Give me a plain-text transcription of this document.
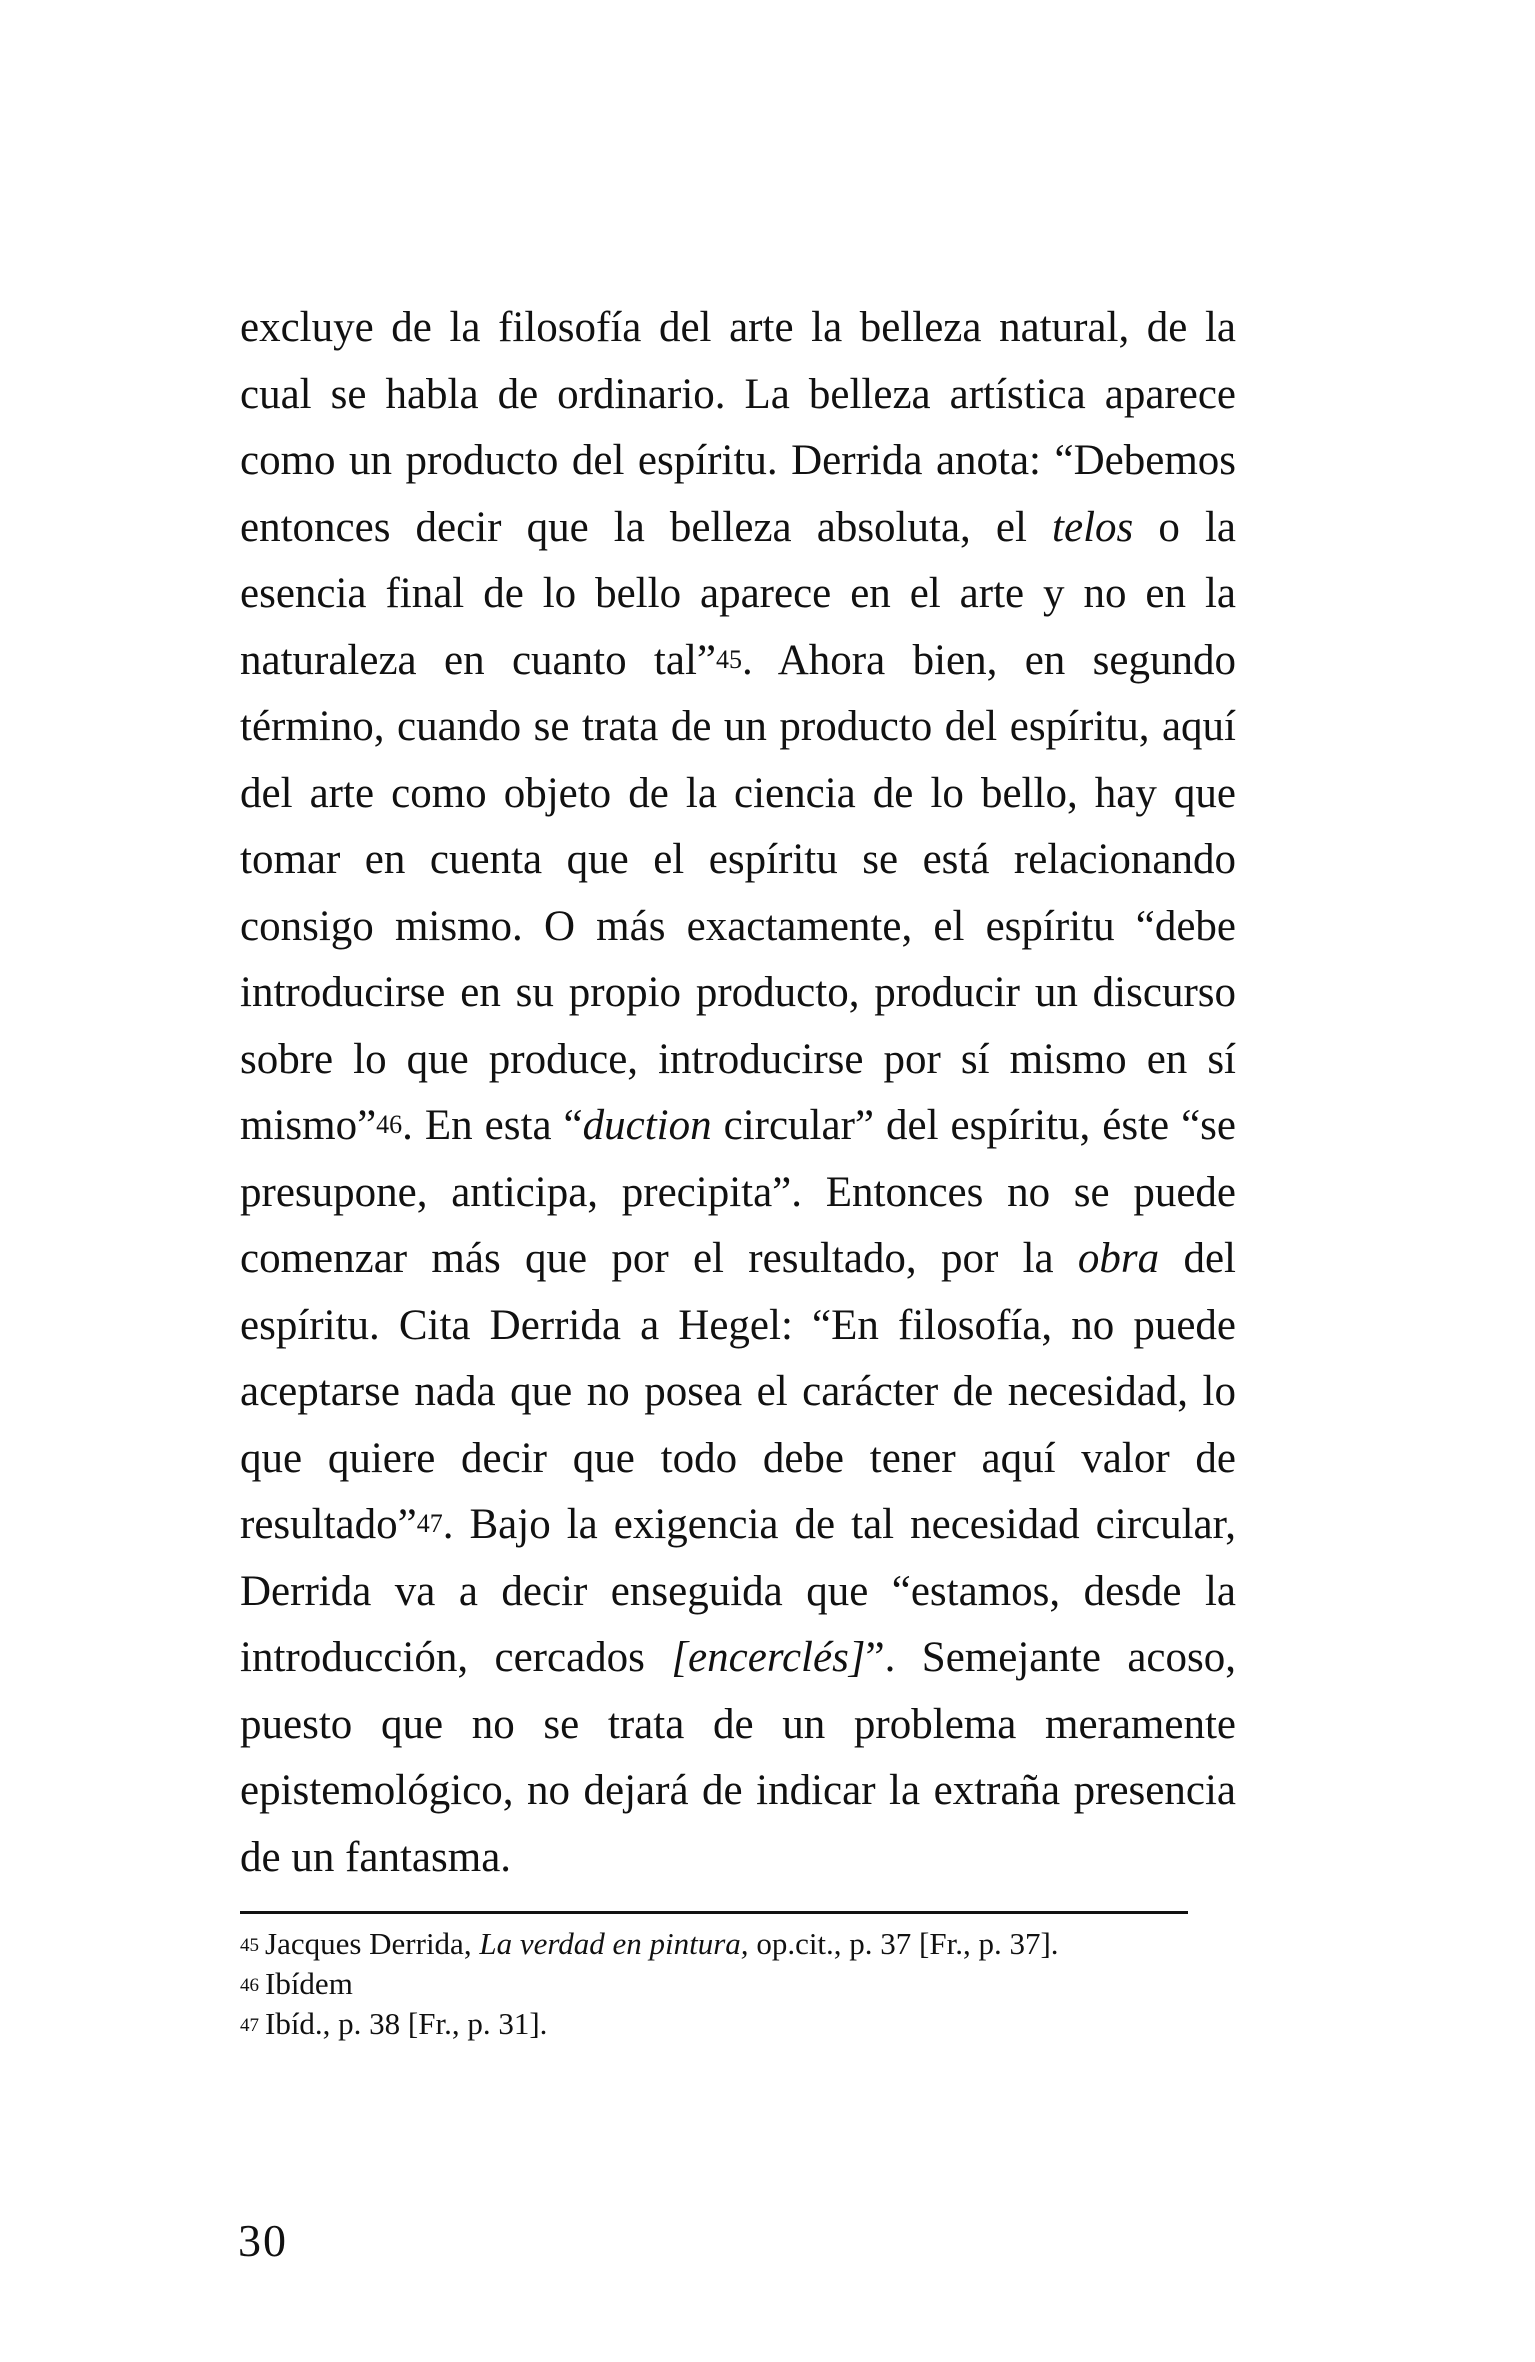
excluye de la filosofía del arte la belleza natural, de la cual se habla de ordinario. La belleza artística aparece como un producto del espíritu. Derrida anota: “Debemos entonces decir que la belleza absoluta, el telos o la esencia final de lo bello aparece en el arte y no en la naturaleza en cuanto tal”$^{45}$. Ahora bien, en segundo término, cuando se trata de un producto del espíritu, aquí del arte como objeto de la ciencia de lo bello, hay que tomar en cuenta que el espíritu se está relacionando consigo mismo. O más exactamente, el espíritu “debe introducirse en su propio producto, producir un discurso sobre lo que produce, introducirse por sí mismo en sí mismo”$^{46}$. En esta “duction circular” del espíritu, éste “se presupone, anticipa, precipita”. Entonces no se puede comenzar más que por el resultado, por la obra del espíritu. Cita Derrida a Hegel: “En filosofía, no puede aceptarse nada que no posea el carácter de necesidad, lo que quiere decir que todo debe tener aquí valor de resultado”$^{47}$. Bajo la exigencia de tal necesidad circular, Derrida va a decir enseguida que “estamos, desde la introducción, cercados [encerclés]”. Semejante acoso, puesto que no se trata de un problema meramente epistemológico, no dejará de indicar la extraña presencia de un fantasma.

$^{45}$ Jacques Derrida, La verdad en pintura, op.cit., p. 37 [Fr., p. 37].
$^{46}$ Ibídem
$^{47}$ Ibíd., p. 38 [Fr., p. 31].
30
